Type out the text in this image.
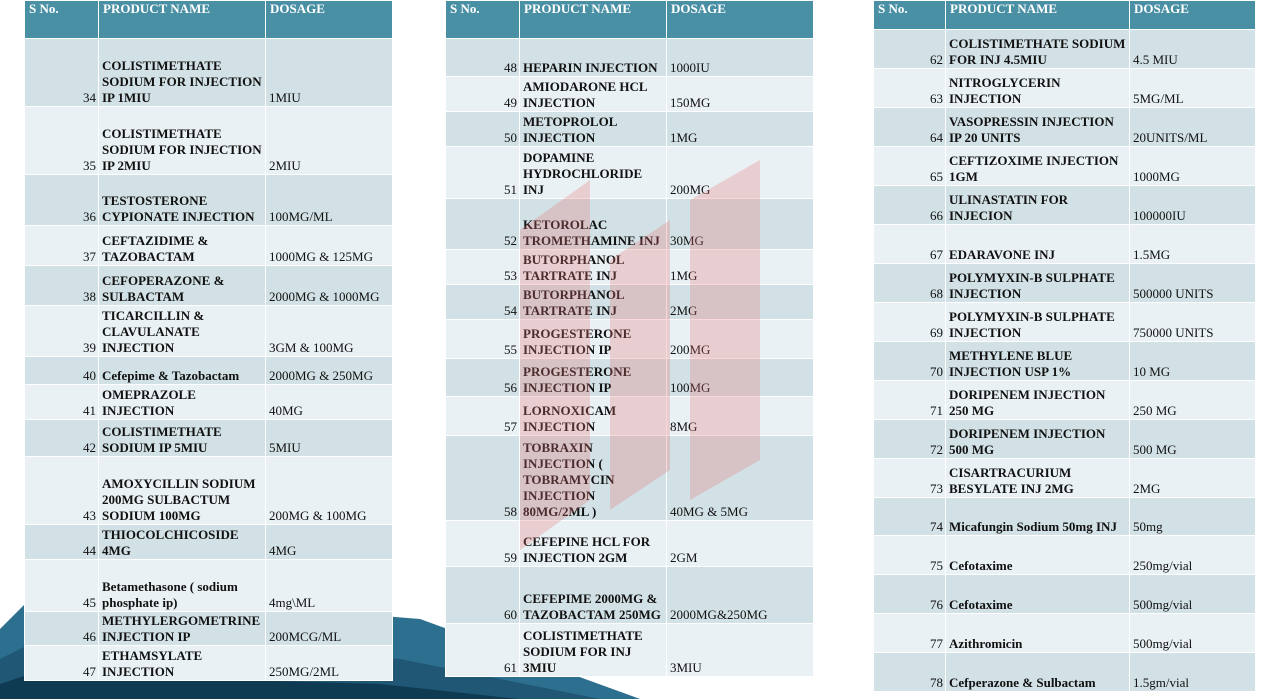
S No.	PRODUCT NAME	DOSAGE
34	COLISTIMETHATE SODIUM FOR INJECTION IP 1MIU	1MIU
35	COLISTIMETHATE SODIUM FOR INJECTION IP 2MIU	2MIU
36	TESTOSTERONE CYPIONATE INJECTION	100MG/ML
37	CEFTAZIDIME & TAZOBACTAM	1000MG & 125MG
38	CEFOPERAZONE & SULBACTAM	2000MG & 1000MG
39	TICARCILLIN & CLAVULANATE INJECTION	3GM & 100MG
40	Cefepime & Tazobactam	2000MG & 250MG
41	OMEPRAZOLE INJECTION	40MG
42	COLISTIMETHATE SODIUM IP 5MIU	5MIU
43	AMOXYCILLIN SODIUM 200MG SULBACTUM SODIUM 100MG	200MG & 100MG
44	THIOCOLCHICOSIDE 4MG	4MG
45	Betamethasone ( sodium phosphate ip)	4mg\ML
46	METHYLERGOMETRINE INJECTION IP	200MCG/ML
47	ETHAMSYLATE INJECTION	250MG/2ML
S No.	PRODUCT NAME	DOSAGE
48	HEPARIN INJECTION	1000IU
49	AMIODARONE HCL INJECTION	150MG
50	METOPROLOL INJECTION	1MG
51	DOPAMINE HYDROCHLORIDE INJ	200MG
52	KETOROLAC TROMETHAMINE INJ	30MG
53	BUTORPHANOL TARTRATE INJ	1MG
54	BUTORPHANOL TARTRATE INJ	2MG
55	PROGESTERONE INJECTION IP	200MG
56	PROGESTERONE INJECTION IP	100MG
57	LORNOXICAM INJECTION	8MG
58	TOBRAXIN INJECTION ( TOBRAMYCIN INJECTION 80MG/2ML )	40MG & 5MG
59	CEFEPINE HCL FOR INJECTION 2GM	2GM
60	CEFEPIME 2000MG & TAZOBACTAM 250MG	2000MG&250MG
61	COLISTIMETHATE SODIUM FOR INJ 3MIU	3MIU
S No.	PRODUCT NAME	DOSAGE
62	COLISTIMETHATE SODIUM FOR INJ 4.5MIU	4.5 MIU
63	NITROGLYCERIN INJECTION	5MG/ML
64	VASOPRESSIN INJECTION IP 20 UNITS	20UNITS/ML
65	CEFTIZOXIME INJECTION 1GM	1000MG
66	ULINASTATIN FOR INJECION	100000IU
67	EDARAVONE INJ	1.5MG
68	POLYMYXIN-B SULPHATE INJECTION	500000 UNITS
69	POLYMYXIN-B SULPHATE INJECTION	750000 UNITS
70	METHYLENE BLUE INJECTION USP 1%	10 MG
71	DORIPENEM INJECTION 250 MG	250 MG
72	DORIPENEM INJECTION 500 MG	500 MG
73	CISARTRACURIUM BESYLATE INJ 2MG	2MG
74	Micafungin Sodium 50mg INJ	50mg
75	Cefotaxime	250mg/vial
76	Cefotaxime	500mg/vial
77	Azithromicin	500mg/vial
78	Cefperazone & Sulbactam	1.5gm/vial
